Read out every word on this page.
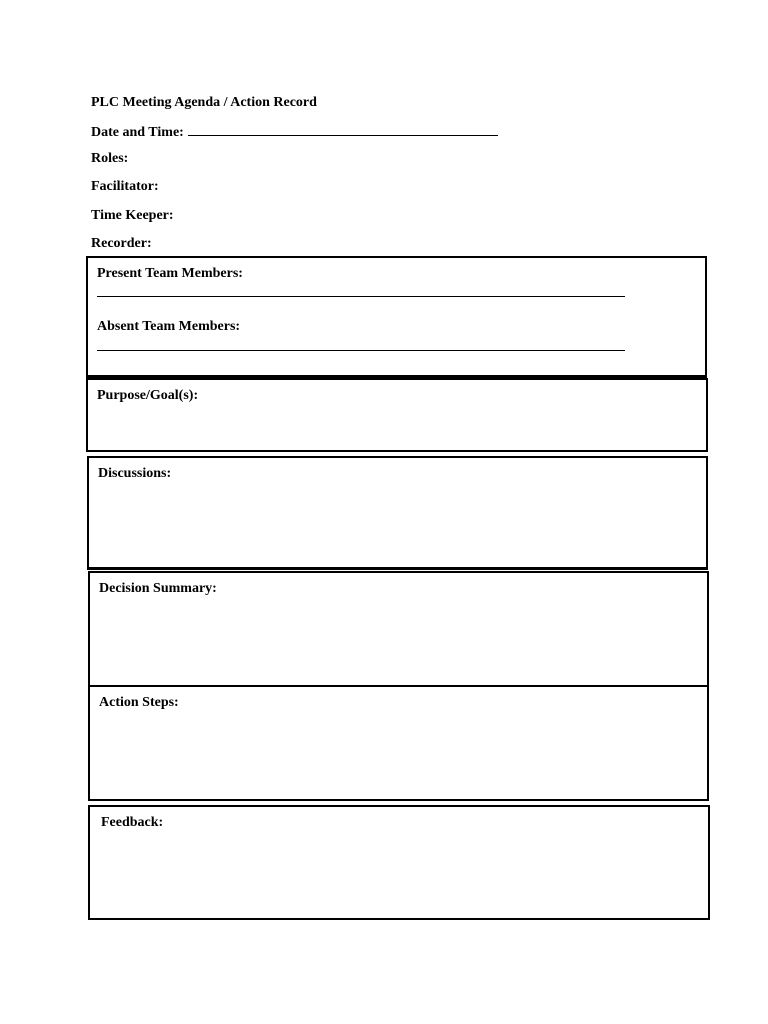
PLC Meeting Agenda / Action Record
Date and Time:
Roles:
Facilitator:
Time Keeper:
Recorder:
Present Team Members:
Absent Team Members:
Purpose/Goal(s):
Discussions:
Decision Summary:
Action Steps:
Feedback:
